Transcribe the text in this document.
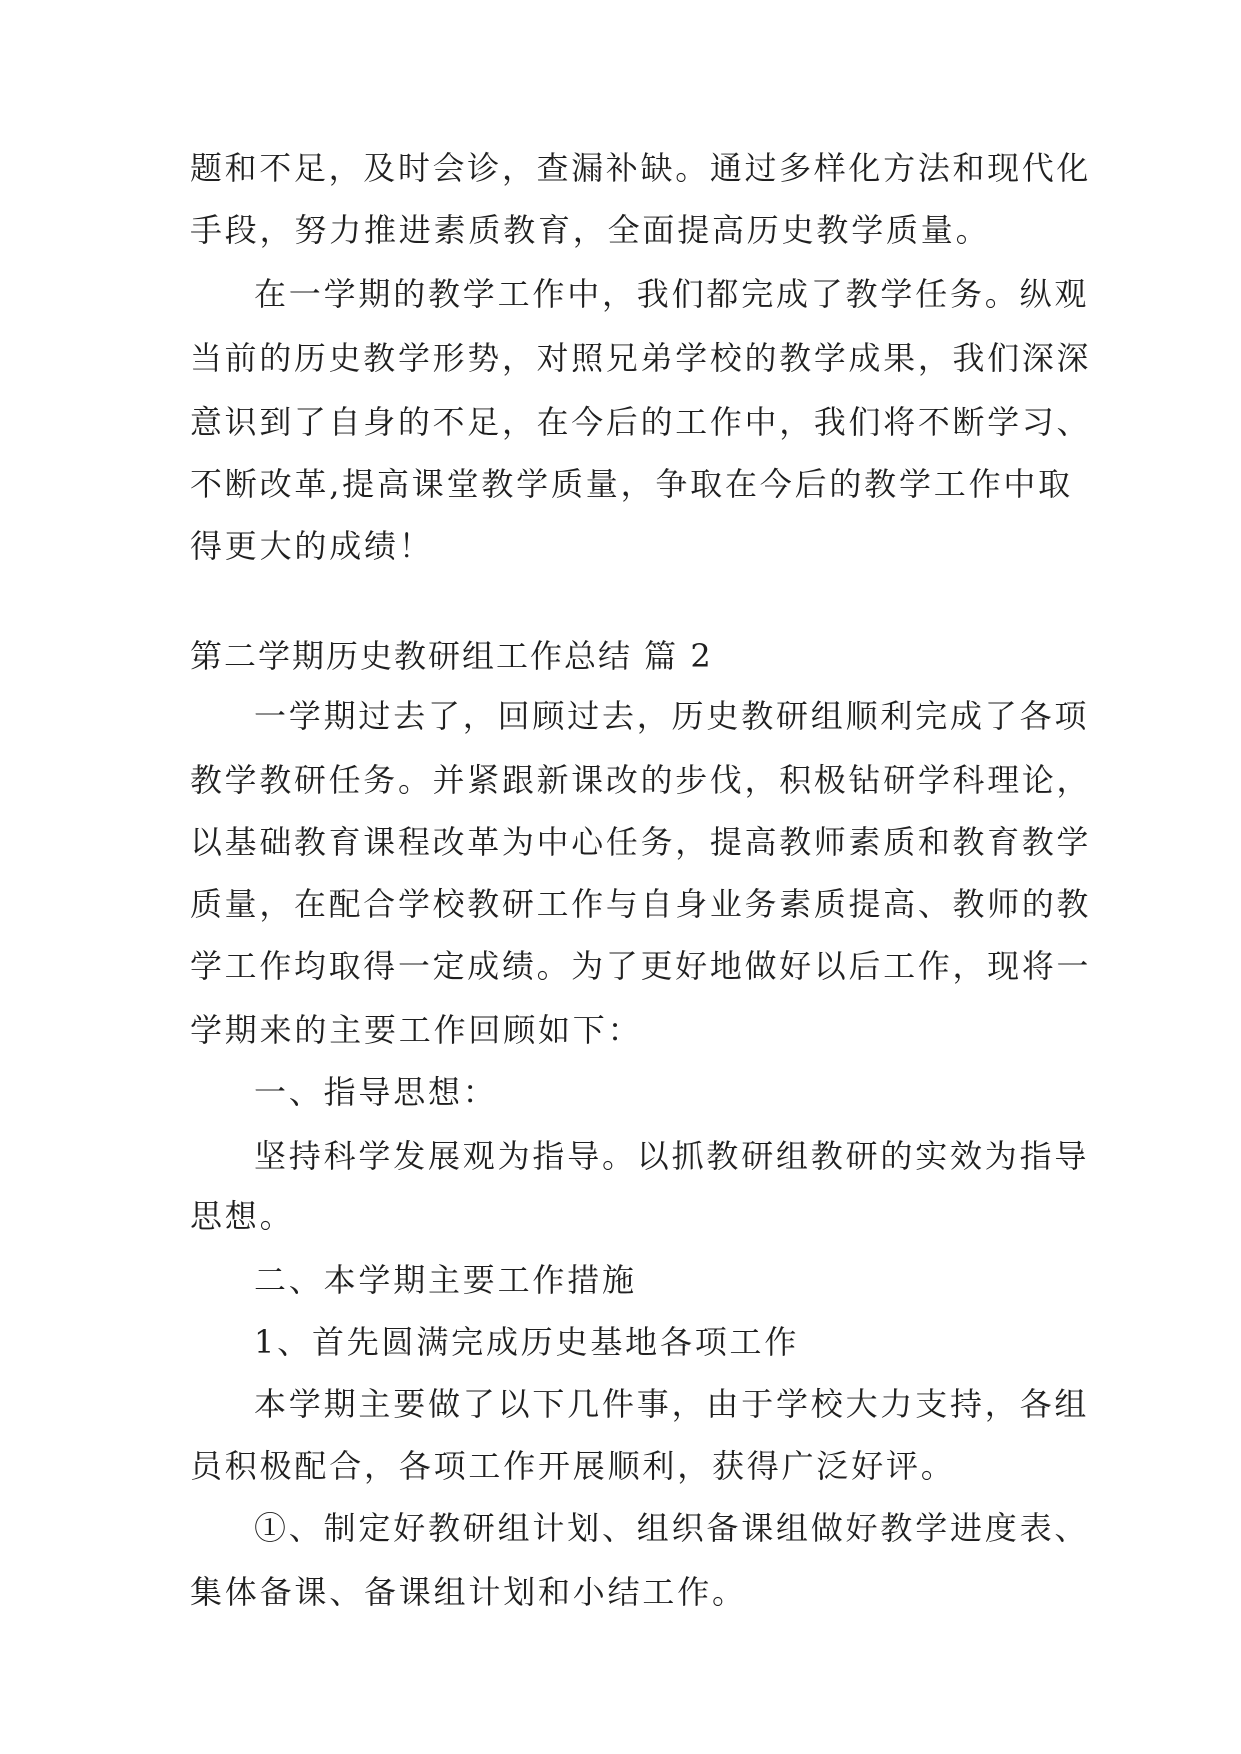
题和不足，及时会诊，查漏补缺。通过多样化方法和现代化
手段，努力推进素质教育，全面提高历史教学质量。
在一学期的教学工作中，我们都完成了教学任务。纵观
当前的历史教学形势，对照兄弟学校的教学成果，我们深深
意识到了自身的不足，在今后的工作中，我们将不断学习、
不断改革,提高课堂教学质量，争取在今后的教学工作中取
得更大的成绩！
第二学期历史教研组工作总结 篇 2
一学期过去了，回顾过去，历史教研组顺利完成了各项
教学教研任务。并紧跟新课改的步伐，积极钻研学科理论，
以基础教育课程改革为中心任务，提高教师素质和教育教学
质量，在配合学校教研工作与自身业务素质提高、教师的教
学工作均取得一定成绩。为了更好地做好以后工作，现将一
学期来的主要工作回顾如下：
一、指导思想：
坚持科学发展观为指导。以抓教研组教研的实效为指导
思想。
二、本学期主要工作措施
1、首先圆满完成历史基地各项工作
本学期主要做了以下几件事，由于学校大力支持，各组
员积极配合，各项工作开展顺利，获得广泛好评。
①、制定好教研组计划、组织备课组做好教学进度表、
集体备课、备课组计划和小结工作。
